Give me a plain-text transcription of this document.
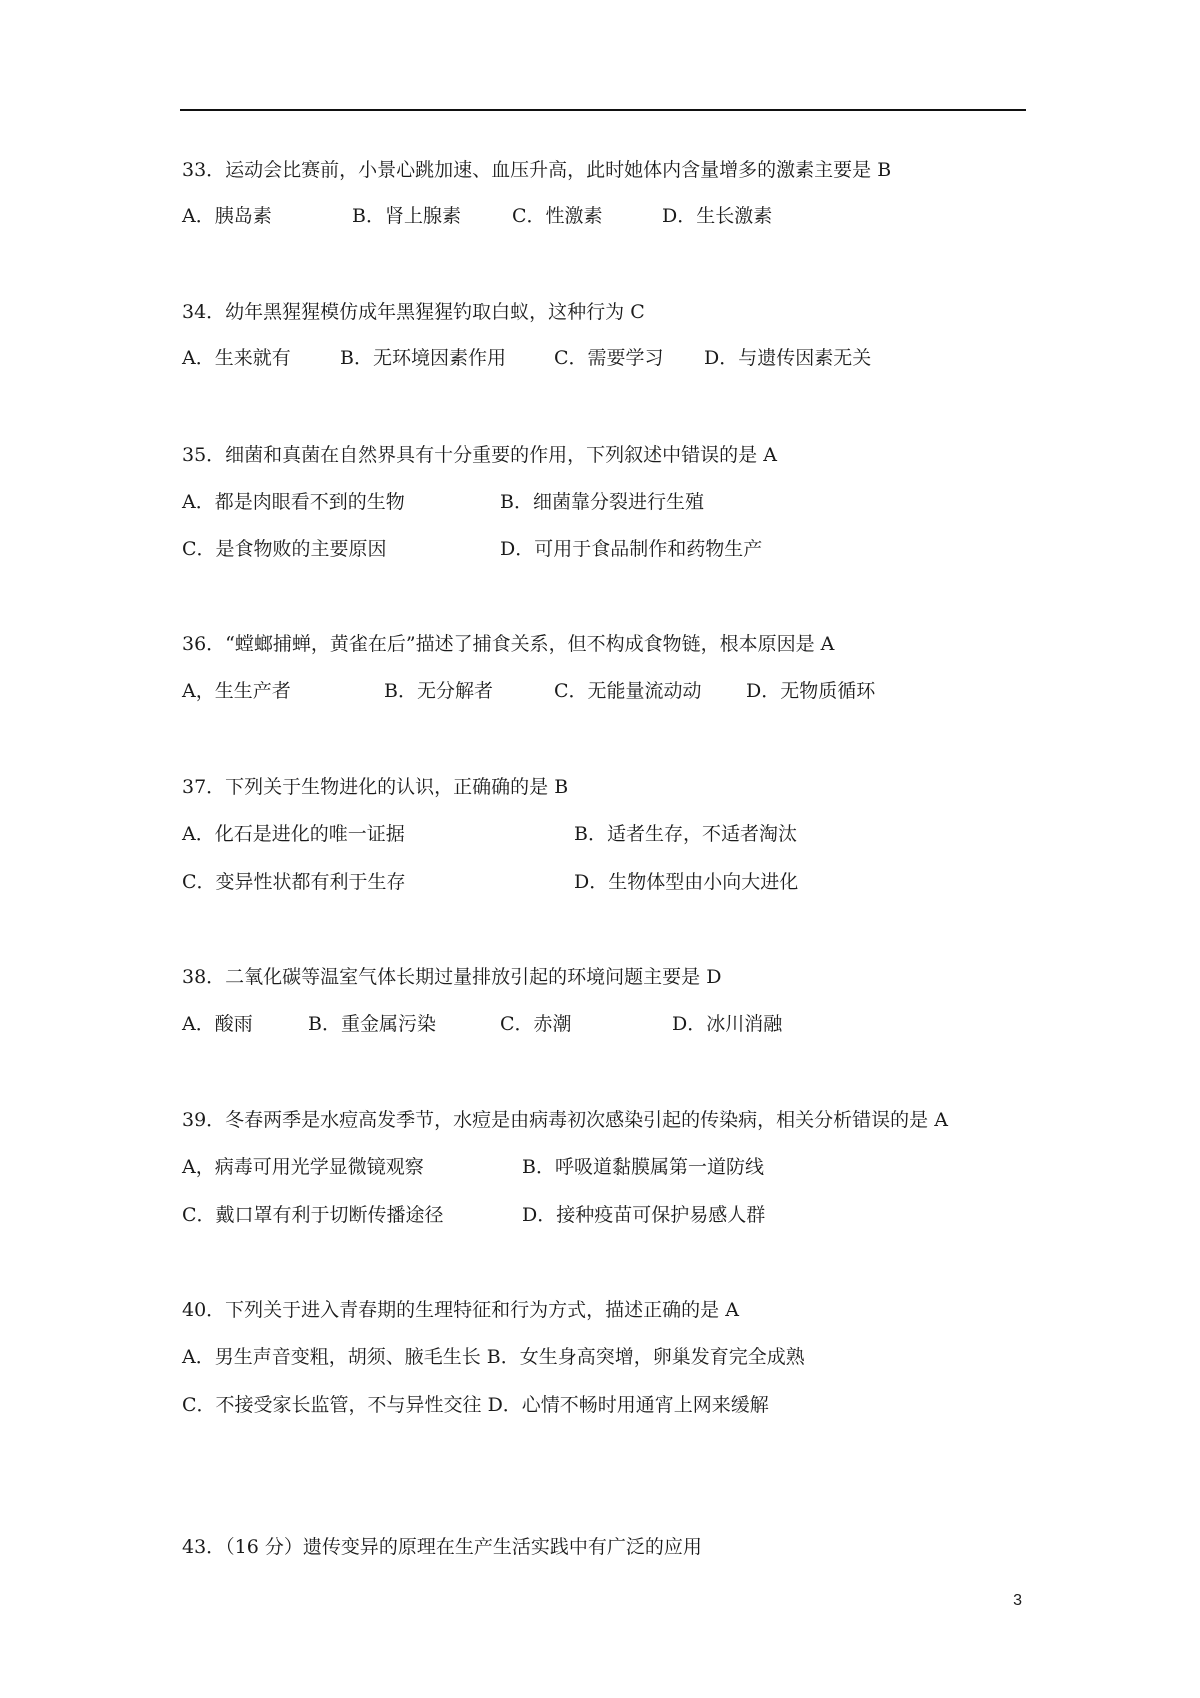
33．运动会比赛前，小景心跳加速、血压升高，此时她体内含量增多的激素主要是 B
A．胰岛素	B．肾上腺素	C．性激素	D．生长激素
34．幼年黑猩猩模仿成年黑猩猩钓取白蚁，这种行为 C
A．生来就有	B．无环境因素作用	C．需要学习 D．与遗传因素无关
35．细菌和真菌在自然界具有十分重要的作用，下列叙述中错误的是 A
A．都是肉眼看不到的生物	B．细菌靠分裂进行生殖
C．是食物败的主要原因	D．可用于食品制作和药物生产
36．“螳螂捕蝉，黄雀在后”描述了捕食关系，但不构成食物链，根本原因是 A
A，生生产者	B．无分解者	C．无能量流动动 D．无物质循环
37．下列关于生物进化的认识，正确确的是 B
A．化石是进化的唯一证据	B．适者生存，不适者淘汰
C．变异性状都有利于生存	D．生物体型由小向大进化
38．二氧化碳等温室气体长期过量排放引起的环境问题主要是 D
A．酸雨	B．重金属污染	C．赤潮	D．冰川消融
39．冬春两季是水痘高发季节，水痘是由病毒初次感染引起的传染病，相关分析错误的是 A
A，病毒可用光学显微镜观察	B．呼吸道黏膜属第一道防线
C．戴口罩有利于切断传播途径	D．接种疫苗可保护易感人群
40．下列关于进入青春期的生理特征和行为方式，描述正确的是 A
A．男生声音变粗，胡须、腋毛生长 B．女生身高突增，卵巢发育完全成熟
C．不接受家长监管，不与异性交往 D．心情不畅时用通宵上网来缓解
43．（16 分）遗传变异的原理在生产生活实践中有广泛的应用
3
